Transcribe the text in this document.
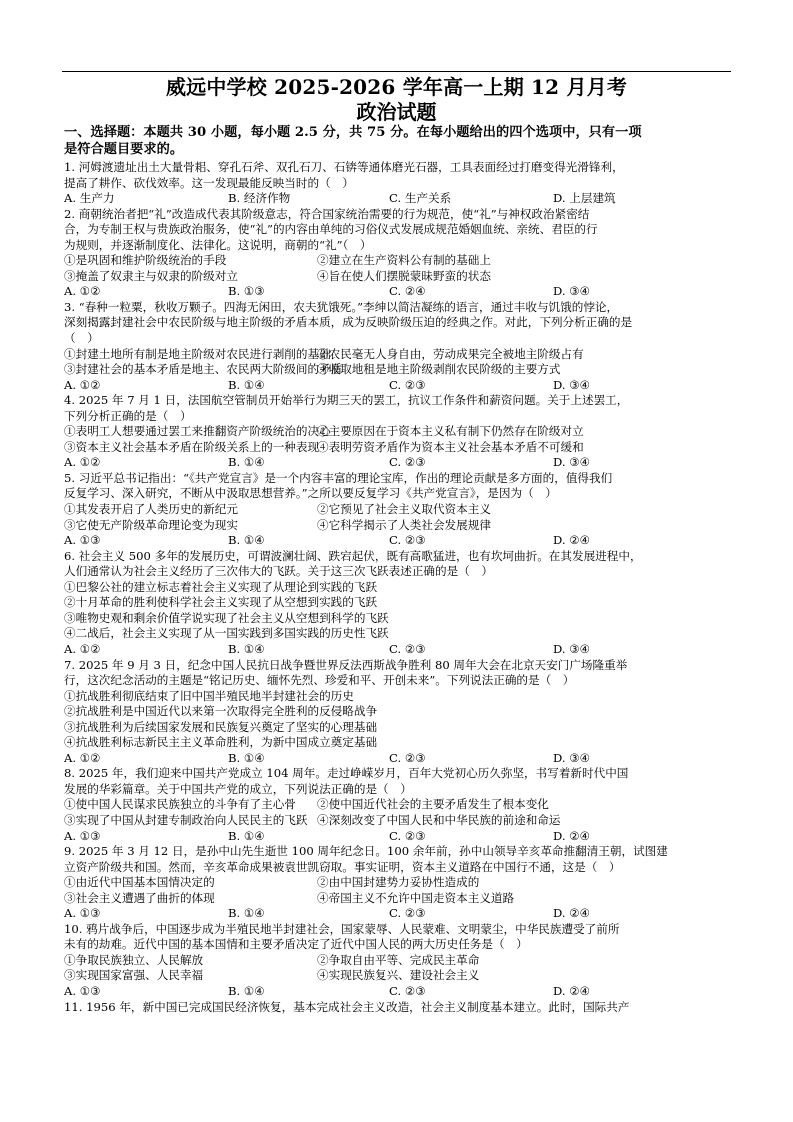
威远中学校 2025-2026 学年高一上期 12 月月考
政治试题
一、选择题：本题共 30 小题，每小题 2.5 分，共 75 分。在每小题给出的四个选项中，只有一项
是符合题目要求的。
1. 河姆渡遗址出土大量骨耜、穿孔石斧、双孔石刀、石锛等通体磨光石器，工具表面经过打磨变得光滑锋利，
提高了耕作、砍伐效率。这一发现最能反映当时的（　）
A. 生产力	B. 经济作物	C. 生产关系	D. 上层建筑
2. 商朝统治者把“礼”改造成代表其阶级意志，符合国家统治需要的行为规范，使“礼”与神权政治紧密结
合，为专制王权与贵族政治服务，使“礼”的内容由单纯的习俗仪式发展成规范婚姻血统、亲统、君臣的行
为规则，并逐渐制度化、法律化。这说明，商朝的“礼”（　）
①是巩固和维护阶级统治的手段	②建立在生产资料公有制的基础上
③掩盖了奴隶主与奴隶的阶级对立	④旨在使人们摆脱蒙昧野蛮的状态
A. ①②	B. ①③	C. ②④	D. ③④
3. “春种一粒粟，秋收万颗子。四海无闲田，农夫犹饿死。”李绅以简洁凝练的语言，通过丰收与饥饿的悖论，
深刻揭露封建社会中农民阶级与地主阶级的矛盾本质，成为反映阶级压迫的经典之作。对此，下列分析正确的是
（　）
①封建土地所有制是地主阶级对农民进行剥削的基础
②农民毫无人身自由，劳动成果完全被地主阶级占有
③封建社会的基本矛盾是地主、农民两大阶级间的矛盾
④收取地租是地主阶级剥削农民阶级的主要方式
A. ①②	B. ①④	C. ②③	D. ③④
4. 2025 年 7 月 1 日，法国航空管制员开始举行为期三天的罢工，抗议工作条件和薪资问题。关于上述罢工，
下列分析正确的是（　）
①表明工人想要通过罢工来推翻资产阶级统治的决心
②主要原因在于资本主义私有制下仍然存在阶级对立
③资本主义社会基本矛盾在阶级关系上的一种表现
④表明劳资矛盾作为资本主义社会基本矛盾不可缓和
A. ①②	B. ①④	C. ②③	D. ③④
5. 习近平总书记指出：“《共产党宣言》是一个内容丰富的理论宝库，作出的理论贡献是多方面的，值得我们
反复学习、深入研究，不断从中汲取思想营养。”之所以要反复学习《共产党宣言》，是因为（　）
①其发表开启了人类历史的新纪元	②它预见了社会主义取代资本主义
③它使无产阶级革命理论变为现实	④它科学揭示了人类社会发展规律
A. ①③	B. ①④	C. ②③	D. ②④
6. 社会主义 500 多年的发展历史，可谓波澜壮阔、跌宕起伏，既有高歌猛进，也有坎坷曲折。在其发展进程中，
人们通常认为社会主义经历了三次伟大的飞跃。关于这三次飞跃表述正确的是（　）
①巴黎公社的建立标志着社会主义实现了从理论到实践的飞跃
②十月革命的胜利使科学社会主义实现了从空想到实践的飞跃
③唯物史观和剩余价值学说实现了社会主义从空想到科学的飞跃
④二战后，社会主义实现了从一国实践到多国实践的历史性飞跃
A. ①②	B. ①④	C. ②③	D. ③④
7. 2025 年 9 月 3 日，纪念中国人民抗日战争暨世界反法西斯战争胜利 80 周年大会在北京天安门广场隆重举
行，这次纪念活动的主题是“铭记历史、缅怀先烈、珍爱和平、开创未来”。下列说法正确的是（　）
①抗战胜利彻底结束了旧中国半殖民地半封建社会的历史
②抗战胜利是中国近代以来第一次取得完全胜利的反侵略战争
③抗战胜利为后续国家发展和民族复兴奠定了坚实的心理基础
④抗战胜利标志新民主主义革命胜利，为新中国成立奠定基础
A. ①②	B. ①④	C. ②③	D. ③④
8. 2025 年，我们迎来中国共产党成立 104 周年。走过峥嵘岁月，百年大党初心历久弥坚，书写着新时代中国
发展的华彩篇章。关于中国共产党的成立，下列说法正确的是（　）
①使中国人民谋求民族独立的斗争有了主心骨	②使中国近代社会的主要矛盾发生了根本变化
③实现了中国从封建专制政治向人民民主的飞跃 ④深刻改变了中国人民和中华民族的前途和命运
A. ①③	B. ①④	C. ②③	D. ②④
9. 2025 年 3 月 12 日，是孙中山先生逝世 100 周年纪念日。100 余年前，孙中山领导辛亥革命推翻清王朝，试图建
立资产阶级共和国。然而，辛亥革命成果被袁世凯窃取。事实证明，资本主义道路在中国行不通，这是（　）
①由近代中国基本国情决定的	②由中国封建势力妥协性造成的
③社会主义遭遇了曲折的体现	④帝国主义不允许中国走资本主义道路
A. ①③	B. ①④	C. ②③	D. ②④
10. 鸦片战争后，中国逐步成为半殖民地半封建社会，国家蒙辱、人民蒙难、文明蒙尘，中华民族遭受了前所
未有的劫难。近代中国的基本国情和主要矛盾决定了近代中国人民的两大历史任务是（　）
①争取民族独立、人民解放	②争取自由平等、完成民主革命
③实现国家富强、人民幸福	④实现民族复兴、建设社会主义
A. ①③	B. ①④	C. ②③	D. ②④
11. 1956 年，新中国已完成国民经济恢复，基本完成社会主义改造，社会主义制度基本建立。此时，国际共产
